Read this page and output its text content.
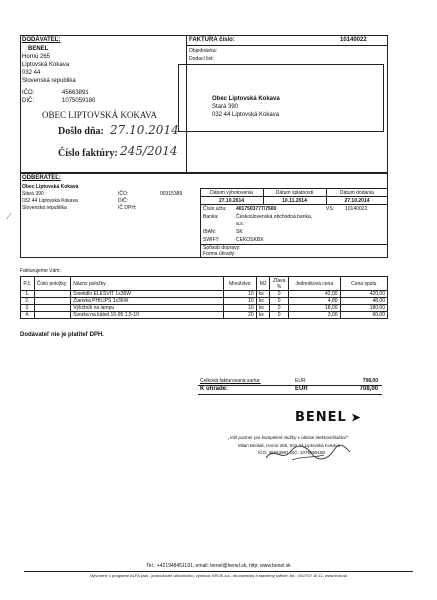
DODÁVATEĽ:
BENEL
Hornú 265
Liptovská Kokava
032 44
Slovenská republika
IČO:	45663891
DIČ:	1075059180
OBEC LIPTOVSKÁ KOKAVA
Došlo dňa: 27.10.2014
Číslo faktúry: 245/2014
FAKTÚRA číslo:	10140022
Objednávka:
Dodací list:
Obec Liptovská Kokava
Stará 390
032 44 Liptovská Kokava
ODBERATEĽ:
Obec Liptovská Kokava
Stará 390
032 44 Liptovská Kokava
Slovenská republika
IČO:	00315389
DIČ:
IČ DPH:
Dátum vyhotovenia	Dátum splatnosti	Dátum dodania
27.10.2014	10.11.2014	27.10.2014
Číslo účtu: 4017503777/7500	VS: 10140022
Banka:	Československá obchodná banka,
a.s.
IBAN:	SK
SWIFT:	CEKOSKBX
Spôsob dopravy:
Forma úhrady:
⟋
Fakturujeme Vám:
P.č.	Číslo položky	Názov položky	Množstvo	MJ	Zľava %	Jednotková cena	Cena spolu
1.		Svietidlo ELESVIT 1x36W	10	ks	0	42,00	420,00
2.		Žiarivka PHILIPS 1x36W	10	ks	0	4,80	48,00
3.		Výložník na lampu	10	ks	0	18,00	180,00
4.		Svorka na kábel 16-95 1,5-10	20	ks	0	3,00	60,00
Dodávateľ nie je platiteľ DPH.
Celková fakturovaná suma:	EUR	708,00
K úhrade:	EUR	708,00
BENEL ➤
„Váš partner pre kompletné služby v oblasti elektroinštalácií"
Milan Benlak, Hornú 265, 032 44 Liptovská Kokava
IČO: 45663891 DIČ: 1075059180
Tel.: +421948451191, email: benel@benel.sk, http: www.benel.sk
Vytvorené v programe ALFA plus - jednoduché účtovníctvo, výrobca: KROS a.s., ekonomický a stavebný softvér, tel.: 041/707 10 11, www.kros.sk
